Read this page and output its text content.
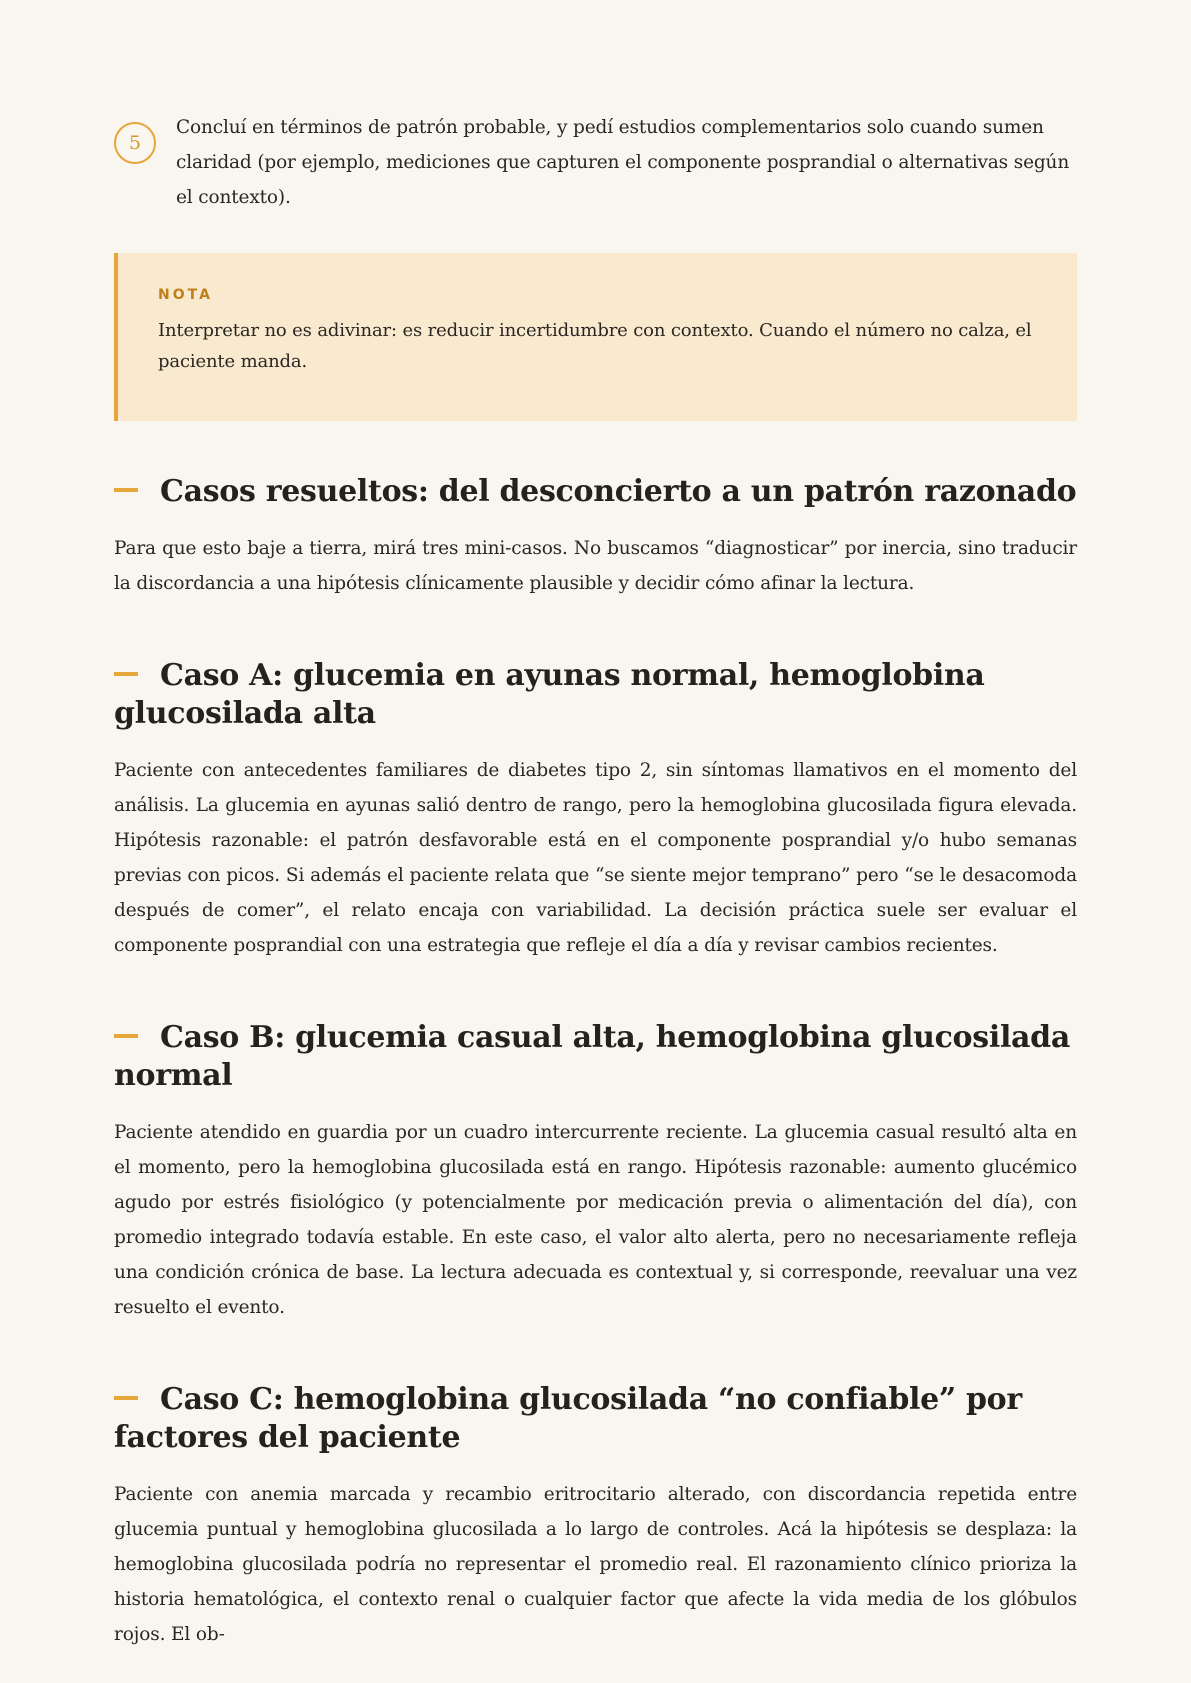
5

Concluí en términos de patrón probable, y pedí estudios complementarios solo cuando sumen claridad (por ejemplo, mediciones que capturen el componente posprandial o alternativas según el contexto).

NOTA

Interpretar no es adivinar: es reducir incertidumbre con contexto. Cuando el número no calza, el paciente manda.

Casos resueltos: del desconcierto a un patrón razonado

Para que esto baje a tierra, mirá tres mini-casos. No buscamos “diagnosticar” por inercia, sino traducir la discordancia a una hipótesis clínicamente plausible y decidir cómo afinar la lectura.

Caso A: glucemia en ayunas normal, hemoglobina glucosilada alta

Paciente con antecedentes familiares de diabetes tipo 2, sin síntomas llamativos en el momento del análisis. La glucemia en ayunas salió dentro de rango, pero la hemoglobina glucosilada figura elevada. Hipótesis razonable: el patrón desfavorable está en el componente posprandial y/o hubo semanas previas con picos. Si además el paciente relata que “se siente mejor temprano” pero “se le desacomoda después de comer”, el relato encaja con variabilidad. La decisión práctica suele ser evaluar el componente posprandial con una estrategia que refleje el día a día y revisar cambios recientes.

Caso B: glucemia casual alta, hemoglobina glucosilada normal

Paciente atendido en guardia por un cuadro intercurrente reciente. La glucemia casual resultó alta en el momento, pero la hemoglobina glucosilada está en rango. Hipótesis razonable: aumento glucémico agudo por estrés fisiológico (y potencialmente por medicación previa o alimentación del día), con promedio integrado todavía estable. En este caso, el valor alto alerta, pero no necesariamente refleja una condición crónica de base. La lectura adecuada es contextual y, si corresponde, reevaluar una vez resuelto el evento.

Caso C: hemoglobina glucosilada “no confiable” por factores del paciente

Paciente con anemia marcada y recambio eritrocitario alterado, con discordancia repetida entre glucemia puntual y hemoglobina glucosilada a lo largo de controles. Acá la hipótesis se desplaza: la hemoglobina glucosilada podría no representar el promedio real. El razonamiento clínico prioriza la historia hematológica, el contexto renal o cualquier factor que afecte la vida media de los glóbulos rojos. El ob-
